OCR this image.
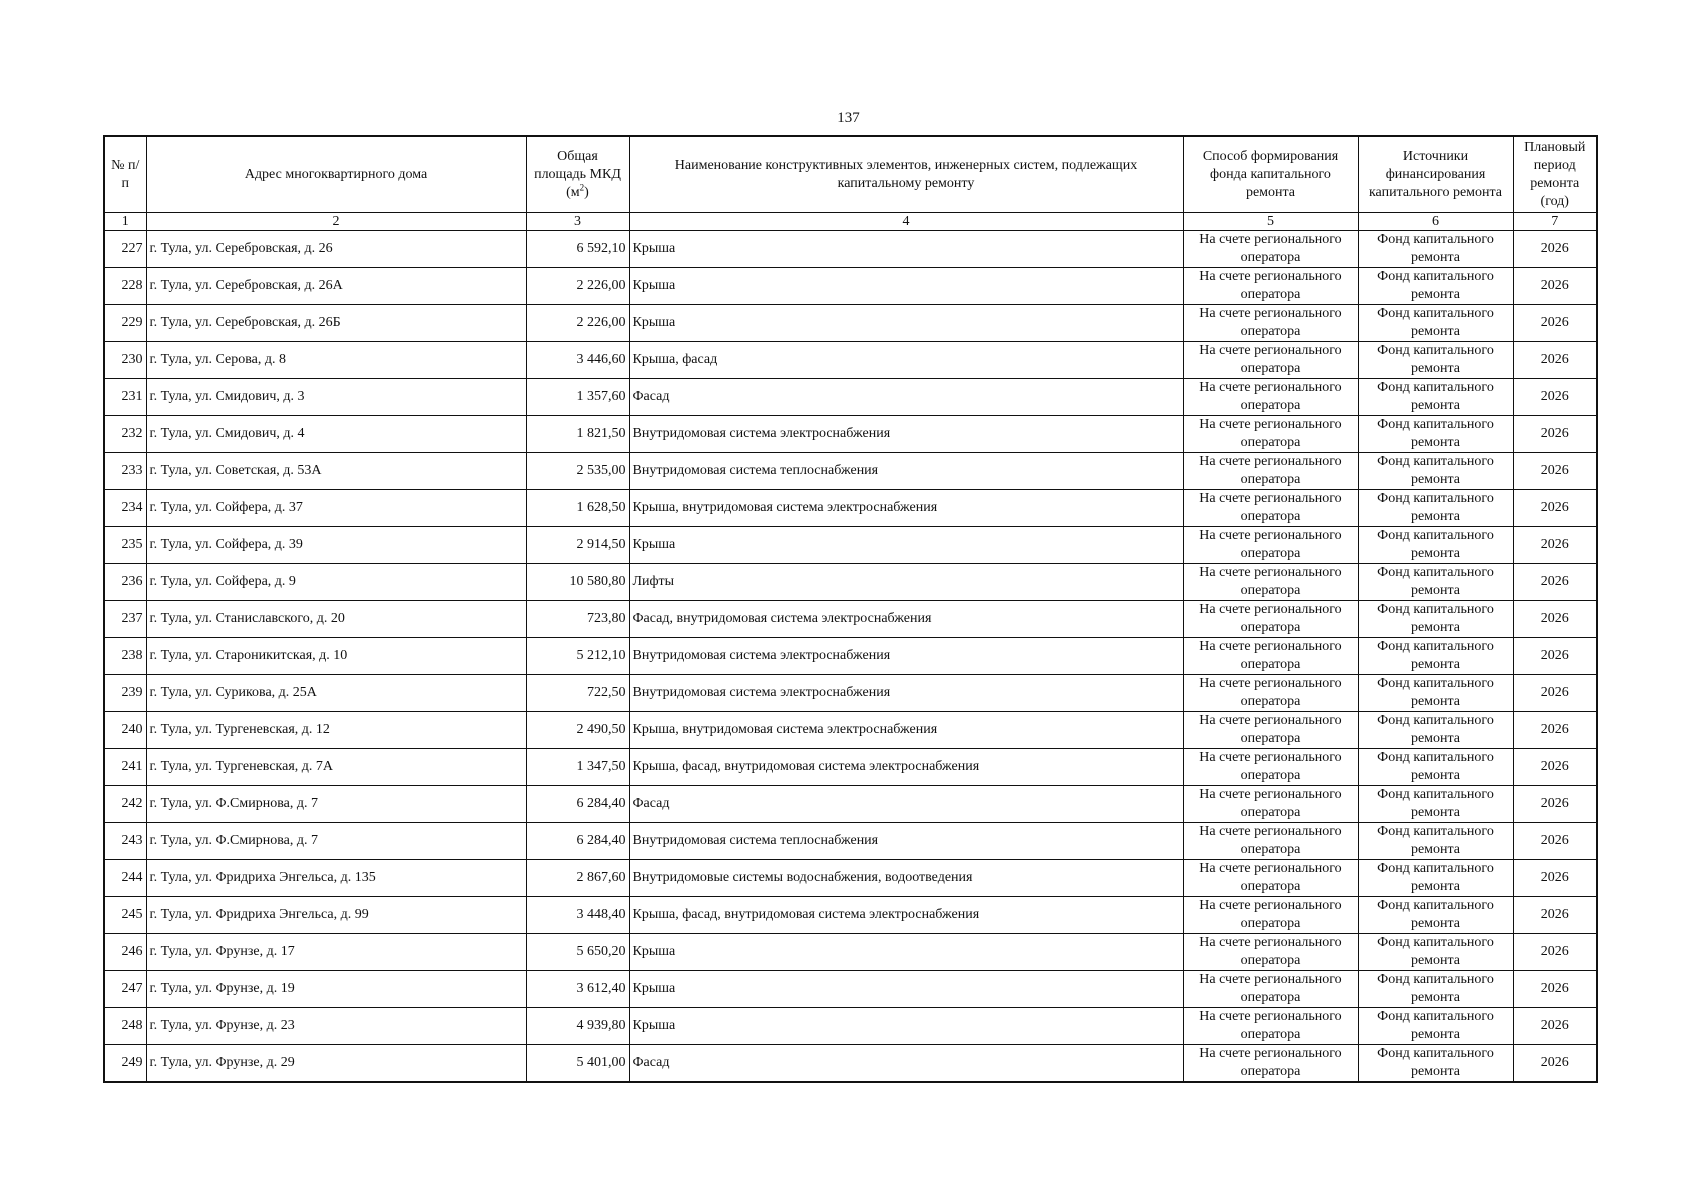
137
№ п/п	Адрес многоквартирного дома	Общая площадь МКД $(м^2)$	Наименование конструктивных элементов, инженерных систем, подлежащих капитальному ремонту	Способ формирования фонда капитального ремонта	Источники финансирования капитального ремонта	Плановый период ремонта (год)
1	2	3	4	5	6	7
227	г. Тула, ул. Серебровская, д. 26	6 592,10	Крыша	На счете регионального оператора	Фонд капитального ремонта	2026
228	г. Тула, ул. Серебровская, д. 26А	2 226,00	Крыша	На счете регионального оператора	Фонд капитального ремонта	2026
229	г. Тула, ул. Серебровская, д. 26Б	2 226,00	Крыша	На счете регионального оператора	Фонд капитального ремонта	2026
230	г. Тула, ул. Серова, д. 8	3 446,60	Крыша, фасад	На счете регионального оператора	Фонд капитального ремонта	2026
231	г. Тула, ул. Смидович, д. 3	1 357,60	Фасад	На счете регионального оператора	Фонд капитального ремонта	2026
232	г. Тула, ул. Смидович, д. 4	1 821,50	Внутридомовая система электроснабжения	На счете регионального оператора	Фонд капитального ремонта	2026
233	г. Тула, ул. Советская, д. 53А	2 535,00	Внутридомовая система теплоснабжения	На счете регионального оператора	Фонд капитального ремонта	2026
234	г. Тула, ул. Сойфера, д. 37	1 628,50	Крыша, внутридомовая система электроснабжения	На счете регионального оператора	Фонд капитального ремонта	2026
235	г. Тула, ул. Сойфера, д. 39	2 914,50	Крыша	На счете регионального оператора	Фонд капитального ремонта	2026
236	г. Тула, ул. Сойфера, д. 9	10 580,80	Лифты	На счете регионального оператора	Фонд капитального ремонта	2026
237	г. Тула, ул. Станиславского, д. 20	723,80	Фасад, внутридомовая система электроснабжения	На счете регионального оператора	Фонд капитального ремонта	2026
238	г. Тула, ул. Староникитская, д. 10	5 212,10	Внутридомовая система электроснабжения	На счете регионального оператора	Фонд капитального ремонта	2026
239	г. Тула, ул. Сурикова, д. 25А	722,50	Внутридомовая система электроснабжения	На счете регионального оператора	Фонд капитального ремонта	2026
240	г. Тула, ул. Тургеневская, д. 12	2 490,50	Крыша, внутридомовая система электроснабжения	На счете регионального оператора	Фонд капитального ремонта	2026
241	г. Тула, ул. Тургеневская, д. 7А	1 347,50	Крыша, фасад, внутридомовая система электроснабжения	На счете регионального оператора	Фонд капитального ремонта	2026
242	г. Тула, ул. Ф.Смирнова, д. 7	6 284,40	Фасад	На счете регионального оператора	Фонд капитального ремонта	2026
243	г. Тула, ул. Ф.Смирнова, д. 7	6 284,40	Внутридомовая система теплоснабжения	На счете регионального оператора	Фонд капитального ремонта	2026
244	г. Тула, ул. Фридриха Энгельса, д. 135	2 867,60	Внутридомовые системы водоснабжения, водоотведения	На счете регионального оператора	Фонд капитального ремонта	2026
245	г. Тула, ул. Фридриха Энгельса, д. 99	3 448,40	Крыша, фасад, внутридомовая система электроснабжения	На счете регионального оператора	Фонд капитального ремонта	2026
246	г. Тула, ул. Фрунзе, д. 17	5 650,20	Крыша	На счете регионального оператора	Фонд капитального ремонта	2026
247	г. Тула, ул. Фрунзе, д. 19	3 612,40	Крыша	На счете регионального оператора	Фонд капитального ремонта	2026
248	г. Тула, ул. Фрунзе, д. 23	4 939,80	Крыша	На счете регионального оператора	Фонд капитального ремонта	2026
249	г. Тула, ул. Фрунзе, д. 29	5 401,00	Фасад	На счете регионального оператора	Фонд капитального ремонта	2026
